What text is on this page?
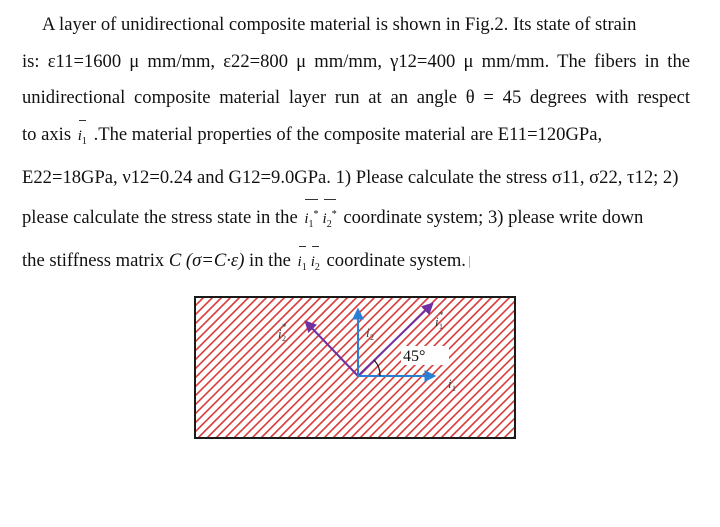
A layer of unidirectional composite material is shown in Fig.2. Its state of strain
is: ε11=1600 μ mm/mm, ε22=800 μ mm/mm, γ12=400 μ mm/mm. The fibers in the
unidirectional composite material layer run at an angle θ = 45 degrees with respect
to axis $i_1$ .The material properties of the composite material are E11=120GPa,
E22=18GPa, ν12=0.24 and G12=9.0GPa. 1) Please calculate the stress σ11, σ22, τ12; 2)
please calculate the stress state in the $i_1^*$ $i_2^*$ coordinate system; 3) please write down
the stiffness matrix C (σ=C·ε) in the $i_1$ $i_2$ coordinate system.
45°
i 1
*
i 2
*	i 2
i 1
